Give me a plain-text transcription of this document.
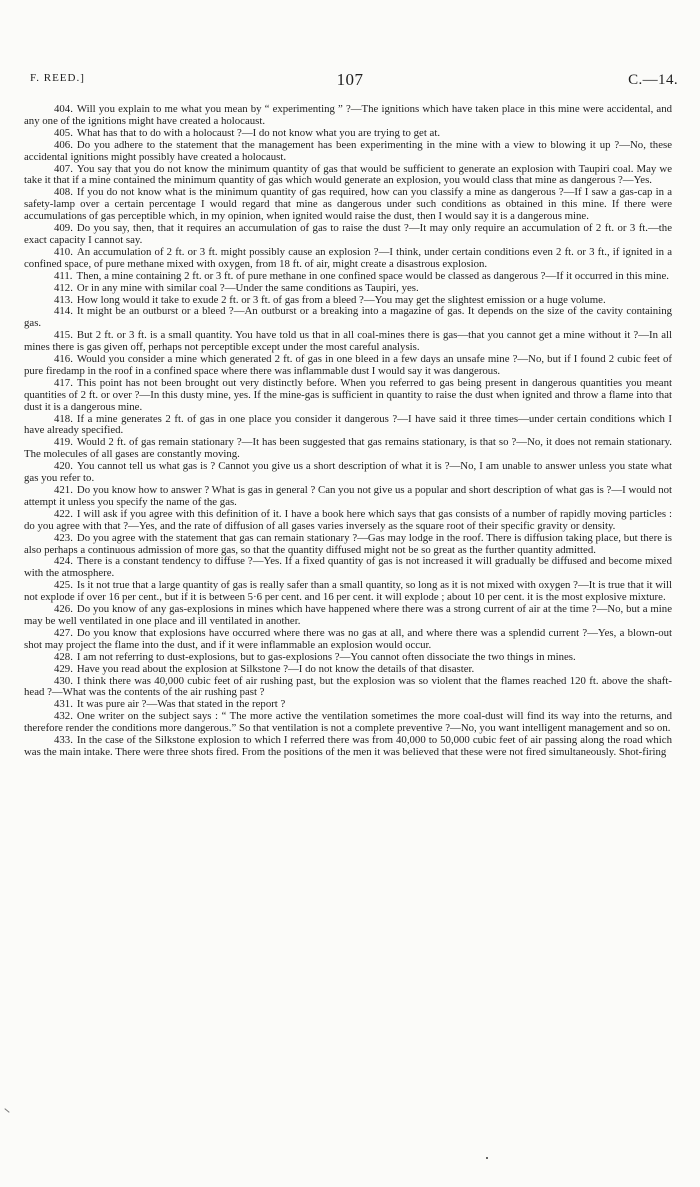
F. REED.]	107	C.—14.

404. Will you explain to me what you mean by “ experimenting ” ?—The ignitions which have taken place in this mine were accidental, and any one of the ignitions might have created a holocaust.

405. What has that to do with a holocaust ?—I do not know what you are trying to get at.

406. Do you adhere to the statement that the management has been experimenting in the mine with a view to blowing it up ?—No, these accidental ignitions might possibly have created a holocaust.

407. You say that you do not know the minimum quantity of gas that would be sufficient to generate an explosion with Taupiri coal. May we take it that if a mine contained the minimum quantity of gas which would generate an explosion, you would class that mine as dangerous ?—Yes.

408. If you do not know what is the minimum quantity of gas required, how can you classify a mine as dangerous ?—If I saw a gas-cap in a safety-lamp over a certain percentage I would regard that mine as dangerous under such conditions as obtained in this mine. If there were accumulations of gas perceptible which, in my opinion, when ignited would raise the dust, then I would say it is a dangerous mine.

409. Do you say, then, that it requires an accumulation of gas to raise the dust ?—It may only require an accumulation of 2 ft. or 3 ft.—the exact capacity I cannot say.

410. An accumulation of 2 ft. or 3 ft. might possibly cause an explosion ?—I think, under certain conditions even 2 ft. or 3 ft., if ignited in a confined space, of pure methane mixed with oxygen, from 18 ft. of air, might create a disastrous explosion.

411. Then, a mine containing 2 ft. or 3 ft. of pure methane in one confined space would be classed as dangerous ?—If it occurred in this mine.

412. Or in any mine with similar coal ?—Under the same conditions as Taupiri, yes.

413. How long would it take to exude 2 ft. or 3 ft. of gas from a bleed ?—You may get the slightest emission or a huge volume.

414. It might be an outburst or a bleed ?—An outburst or a breaking into a magazine of gas. It depends on the size of the cavity containing gas.

415. But 2 ft. or 3 ft. is a small quantity. You have told us that in all coal-mines there is gas—that you cannot get a mine without it ?—In all mines there is gas given off, perhaps not perceptible except under the most careful analysis.

416. Would you consider a mine which generated 2 ft. of gas in one bleed in a few days an unsafe mine ?—No, but if I found 2 cubic feet of pure firedamp in the roof in a confined space where there was inflammable dust I would say it was dangerous.

417. This point has not been brought out very distinctly before. When you referred to gas being present in dangerous quantities you meant quantities of 2 ft. or over ?—In this dusty mine, yes. If the mine-gas is sufficient in quantity to raise the dust when ignited and throw a flame into that dust it is a dangerous mine.

418. If a mine generates 2 ft. of gas in one place you consider it dangerous ?—I have said it three times—under certain conditions which I have already specified.

419. Would 2 ft. of gas remain stationary ?—It has been suggested that gas remains stationary, is that so ?—No, it does not remain stationary. The molecules of all gases are constantly moving.

420. You cannot tell us what gas is ? Cannot you give us a short description of what it is ?—No, I am unable to answer unless you state what gas you refer to.

421. Do you know how to answer ? What is gas in general ? Can you not give us a popular and short description of what gas is ?—I would not attempt it unless you specify the name of the gas.

422. I will ask if you agree with this definition of it. I have a book here which says that gas consists of a number of rapidly moving particles : do you agree with that ?—Yes, and the rate of diffusion of all gases varies inversely as the square root of their specific gravity or density.

423. Do you agree with the statement that gas can remain stationary ?—Gas may lodge in the roof. There is diffusion taking place, but there is also perhaps a continuous admission of more gas, so that the quantity diffused might not be so great as the further quantity admitted.

424. There is a constant tendency to diffuse ?—Yes. If a fixed quantity of gas is not increased it will gradually be diffused and become mixed with the atmosphere.

425. Is it not true that a large quantity of gas is really safer than a small quantity, so long as it is not mixed with oxygen ?—It is true that it will not explode if over 16 per cent., but if it is between 5·6 per cent. and 16 per cent. it will explode ; about 10 per cent. it is the most explosive mixture.

426. Do you know of any gas-explosions in mines which have happened where there was a strong current of air at the time ?—No, but a mine may be well ventilated in one place and ill ventilated in another.

427. Do you know that explosions have occurred where there was no gas at all, and where there was a splendid current ?—Yes, a blown-out shot may project the flame into the dust, and if it were inflammable an explosion would occur.

428. I am not referring to dust-explosions, but to gas-explosions ?—You cannot often dissociate the two things in mines.

429. Have you read about the explosion at Silkstone ?—I do not know the details of that disaster.

430. I think there was 40,000 cubic feet of air rushing past, but the explosion was so violent that the flames reached 120 ft. above the shaft-head ?—What was the contents of the air rushing past ?

431. It was pure air ?—Was that stated in the report ?

432. One writer on the subject says : “ The more active the ventilation sometimes the more coal-dust will find its way into the returns, and therefore render the conditions more dangerous.” So that ventilation is not a complete preventive ?—No, you want intelligent management and so on.

433. In the case of the Silkstone explosion to which I referred there was from 40,000 to 50,000 cubic feet of air passing along the road which was the main intake. There were three shots fired. From the positions of the men it was believed that these were not fired simultaneously. Shot-firing
